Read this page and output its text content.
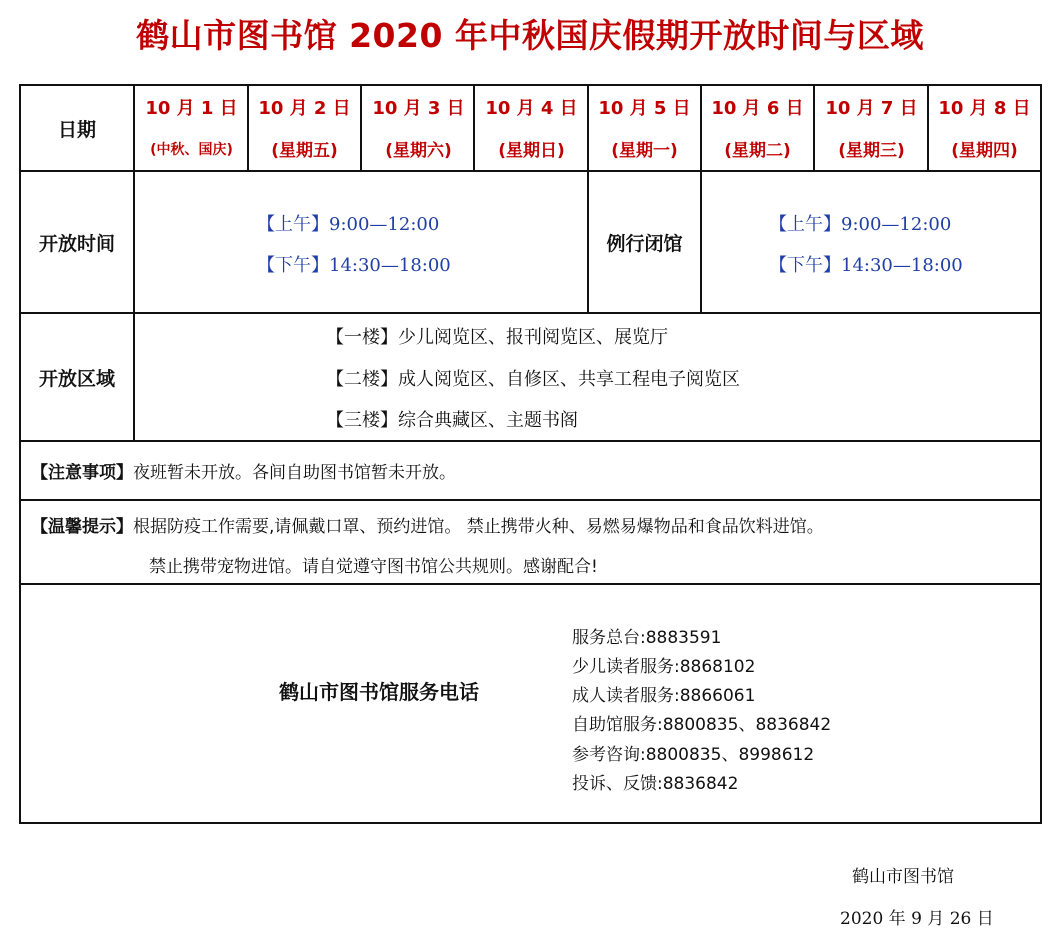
鹤山市图书馆 2020 年中秋国庆假期开放时间与区域
日期
开放时间
开放区域
10 月 1 日
(中秋、国庆)
10 月 2 日
(星期五)
10 月 3 日
(星期六)
10 月 4 日
(星期日)
10 月 5 日
(星期一)
10 月 6 日
(星期二)
10 月 7 日
(星期三)
10 月 8 日
(星期四)
【上午】9:00—12:00
【下午】14:30—18:00
例行闭馆
【上午】9:00—12:00
【下午】14:30—18:00
【一楼】少儿阅览区、报刊阅览区、展览厅
【二楼】成人阅览区、自修区、共享工程电子阅览区
【三楼】综合典藏区、主题书阁
【注意事项】夜班暂未开放。各间自助图书馆暂未开放。
【温馨提示】根据防疫工作需要,请佩戴口罩、预约进馆。 禁止携带火种、易燃易爆物品和食品饮料进馆。
禁止携带宠物进馆。请自觉遵守图书馆公共规则。感谢配合!
鹤山市图书馆服务电话
服务总台:8883591
少儿读者服务:8868102
成人读者服务:8866061
自助馆服务:8800835、8836842
参考咨询:8800835、8998612
投诉、反馈:8836842
鹤山市图书馆
2020 年 9 月 26 日
